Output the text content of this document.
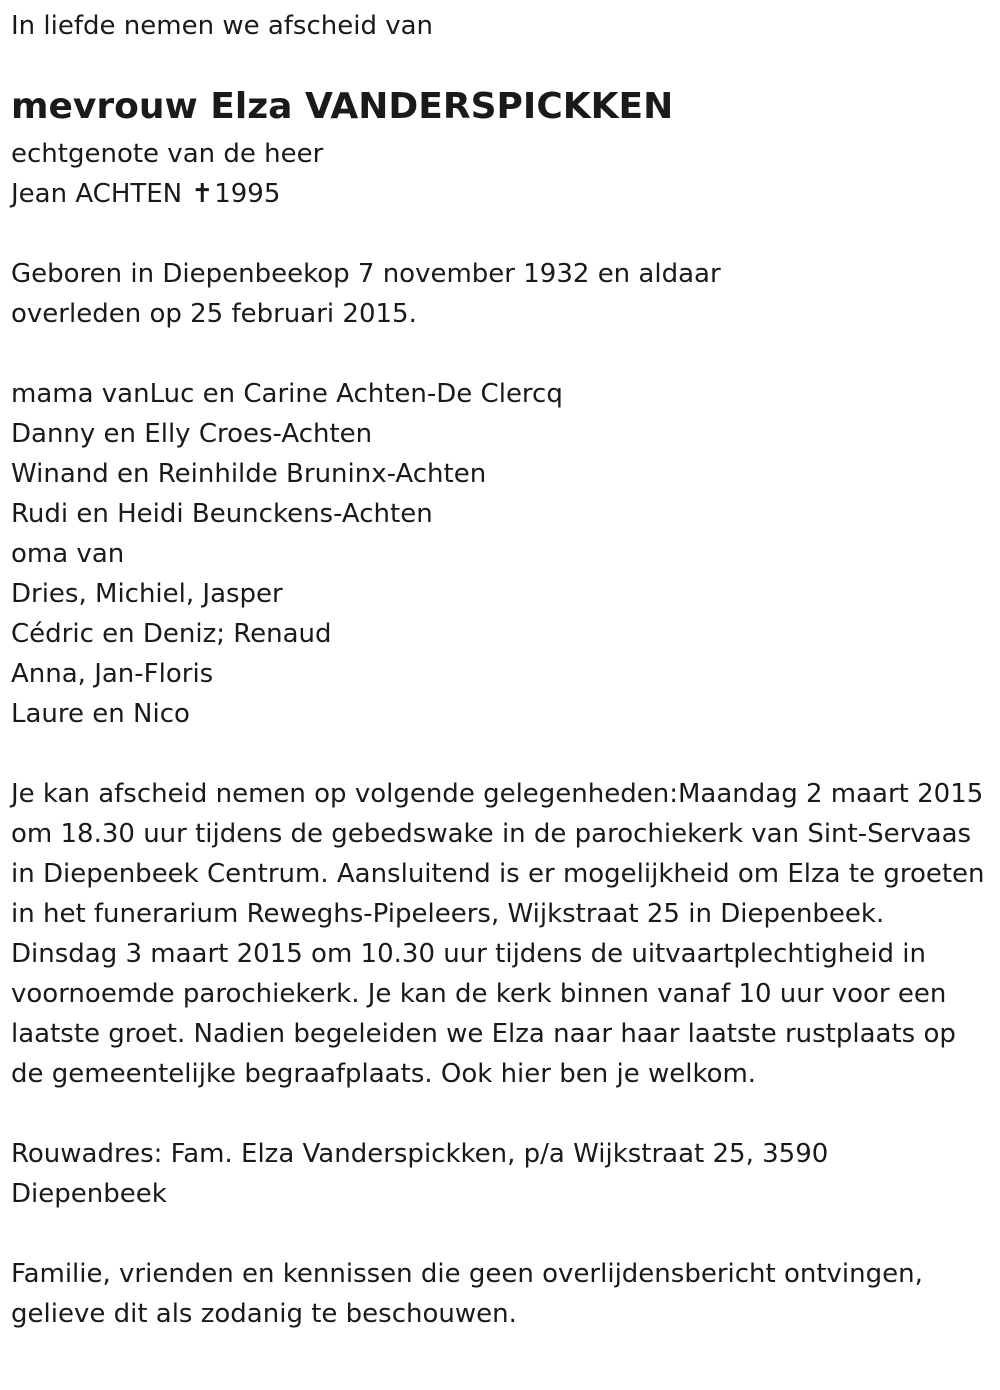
In liefde nemen we afscheid van
mevrouw Elza VANDERSPICKKEN
echtgenote van de heer
Jean ACHTEN ✝1995
Geboren in Diepenbeekop 7 november 1932 en aldaar
overleden op 25 februari 2015.
mama vanLuc en Carine Achten-De Clercq
Danny en Elly Croes-Achten
Winand en Reinhilde Bruninx-Achten
Rudi en Heidi Beunckens-Achten
oma van
Dries, Michiel, Jasper
Cédric en Deniz; Renaud
Anna, Jan-Floris
Laure en Nico

Je kan afscheid nemen op volgende gelegenheden:Maandag 2 maart 2015 om 18.30 uur tijdens de gebedswake in de parochiekerk van Sint-Servaas in Diepenbeek Centrum. Aansluitend is er mogelijkheid om Elza te groeten in het funerarium Reweghs-Pipeleers, Wijkstraat 25 in Diepenbeek.

Dinsdag 3 maart 2015 om 10.30 uur tijdens de uitvaartplechtigheid in voornoemde parochiekerk. Je kan de kerk binnen vanaf 10 uur voor een laatste groet. Nadien begeleiden we Elza naar haar laatste rustplaats op de gemeentelijke begraafplaats. Ook hier ben je welkom.

Rouwadres: Fam. Elza Vanderspickken, p/a Wijkstraat 25, 3590
Diepenbeek
Familie, vrienden en kennissen die geen overlijdensbericht ontvingen,
gelieve dit als zodanig te beschouwen.
